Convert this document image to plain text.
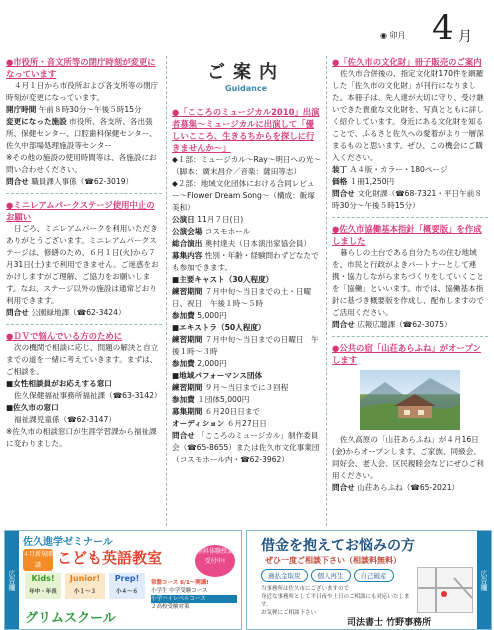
◉ 卯月 4 月
ご案内
Guidance

●市役所・音文所等の閉庁時刻が変更になっています

４月１日から市役所および各支所等の閉庁時刻が変更になっています。

開庁時間 午前８時30分〜午後５時15分

変更になった施設 市役所、各支所、各出張所、保健センター、口腔歯科保健センター、佐久中部場処理施設等センター

※その他の施設の使用時間等は、各施設にお問い合わせください。

問合せ 職員課人事係（☎62-3019）

●ミニレアムパークステージ使用中止のお願い

日ごろ、ミニレアムパークを利用いただきありがとうございます。ミニレアムパークステージは、修繕のため、６月１日(火)から７月31日(土)まで利用できません。ご迷惑をおかけしますがご理解、ご協力をお願いします。なお、ステージ以外の施設は通常どおり利用できます。

問合せ 公園緑地課（☎62-3424）

●ＤＶで悩んでいる方のために

次の機関で相談に応じ、問題の解決と自立までの道を一緒に考えていきます。まずは、ご相談を。

■女性相談員がお応えする窓口

佐久保健福祉事務所福祉課（☎63-3142）

■佐久市の窓口

福祉課児童係（☎62-3147）

※佐久市の相談窓口が生涯学習課から福祉課に変わりました。

●「こころのミュージカル2010」出演者募集〜ミュージカルに出演して「優しいこころ、生きるちからを探しに行きませんか〜」

◆１部：ミュージカル〜Ray〜明日への光〜（脚本：廣末昌介／音楽：薩田等志）

◆２部：地域文化団体における合同レビュー〜Flower Dream Song〜（構成：飯塚美和）

公演日 11月７日(日)

公演会場 コスモホール

総合演出 奥村達夫（日本演出家協会員）

募集内容 性別・年齢・経験問わずどなたでも参加できます。

■主要キャスト（30人程度）

練習期間 ７月中旬〜当日までの土・日曜日、祝日　午後１時〜５時

参加費 5,000円

■エキストラ（50人程度）

練習期間 ７月中旬〜当日までの日曜日　午後１時〜３時

参加費 2,000円

■地域パフォーマンス団体

練習期間 ９月〜当日までに３回程

参加費 １団体5,000円

募集期間 ６月20日日まで

オーディション ６月27日日

問合せ 「こころのミュージカル」制作委員会（☎65-8655）または佐久市文化事業団（コスモホール内・☎62-3962）

●「佐久市の文化財」冊子販売のご案内

佐久市合併後の、指定文化財170件を網羅した「佐久市の文化財」が刊行になりました。本冊子は、先人達が大切に守り、受け継いできた貴重な文化財を、写真とともに詳しく紹介しています。身近にある文化財を知ることで、ふるさと佐久への愛着がより一層深まるものと思います。ぜひ、この機会にご購入ください。

装丁 Ａ４版・カラー・180ページ

価格 １冊1,250円

問合せ 文化財課（☎68-7321・平日午前８時30分〜午後５時15分）

●佐久市協働基本指針「概要版」を作成しました

暮らしの土台である自分たちの住む地域を、市民と行政がよきパートナーとして連携・協力しながらまちづくりをしていくことを「協働」といいます。市では、協働基本指針に基づき概要版を作成し、配布しますのでご活用ください。

問合せ 広報広聴課（☎62-3075）

●公共の宿「山荘あらふね」がオープンします

佐久高原の「山荘あらふね」が４月16日(金)からオープンします。ご家族、同級会、同好会、老人会、区民親睦会などにぜひご利用ください。

問合せ 山荘あらふね（☎65-2021）

広告欄
佐久進学ゼミナール
４月新規開講	こども英語教室	無料体験授業受付中!
Kids!
年中・年長
Junior!
小１〜３
Prep!
小４〜６
常盤コース 6/1〜開講!
小学生 中学受験コース
小学ハイレベルコース
２高校受験対策
グリムスクール
広告欄
借金を抱えてお悩みの方
ぜひ一度ご相談下さい（相談料無料）
過払金取戻	個人再生	自己破産
当事務所は佐久市にございますので
身近な事務所として平日夜や土日のご相談にも対応いたします。
お気軽にご相談下さい
司法書士 竹野事務所
